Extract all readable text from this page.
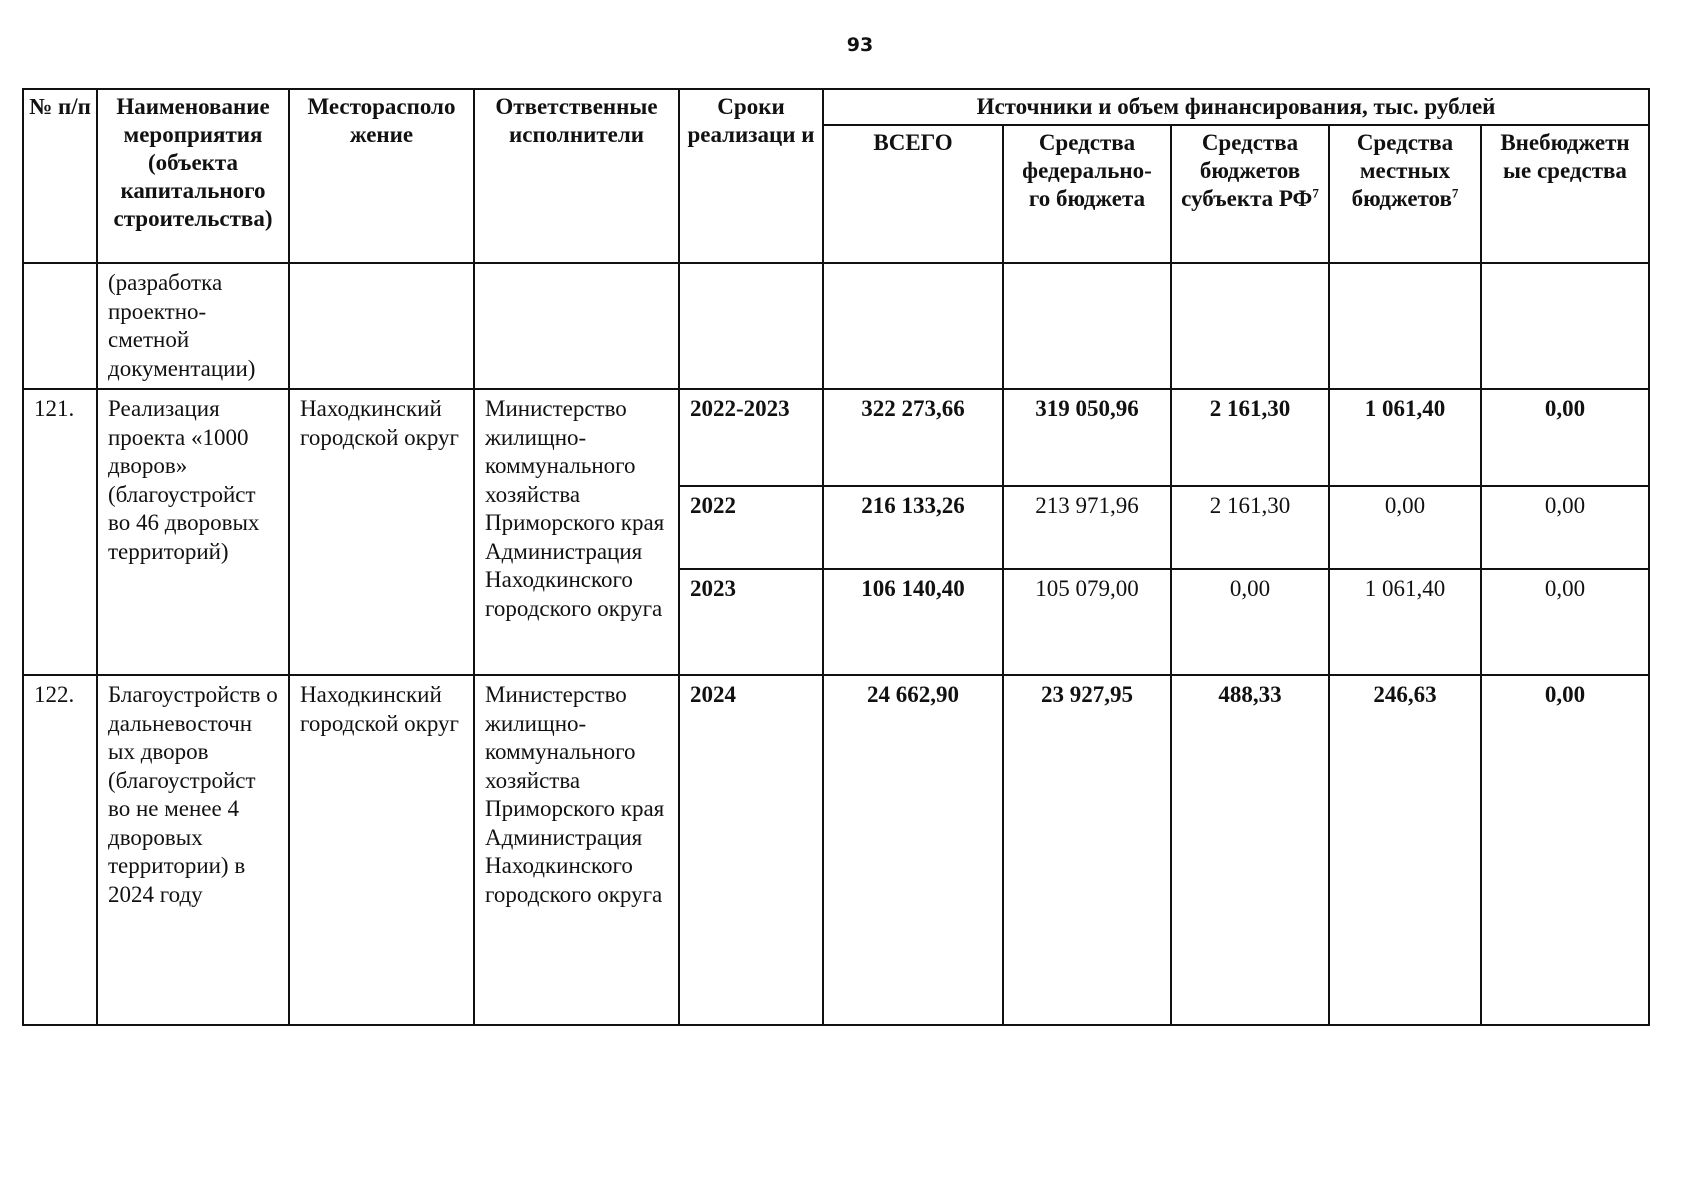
93
№ п/п	Наименование мероприятия (объекта капитального строительства)	Месторасполо жение	Ответственные исполнители	Сроки реализаци и	Источники и объем финансирования, тыс. рублей				
					ВСЕГО	Средства федерально- го бюджета	Средства бюджетов субъекта $РФ^7$	Средства местных бюджетов$^7$	Внебюджетн ые средства
	(разработка проектно- сметной документации)								
121.	Реализация проекта «1000 дворов» (благоустройст во 46 дворовых территорий)	Находкинский городской округ	Министерство жилищно- коммунального хозяйства Приморского края Администрация Находкинского городского округа	2022-2023	322 273,66	319 050,96	2 161,30	1 061,40	0,00
				2022	216 133,26	213 971,96	2 161,30	0,00	0,00
				2023	106 140,40	105 079,00	0,00	1 061,40	0,00
122.	Благоустройств о дальневосточн ых дворов (благоустройст во не менее 4 дворовых территории) в 2024 году	Находкинский городской округ	Министерство жилищно- коммунального хозяйства Приморского края Администрация Находкинского городского округа	2024	24 662,90	23 927,95	488,33	246,63	0,00
